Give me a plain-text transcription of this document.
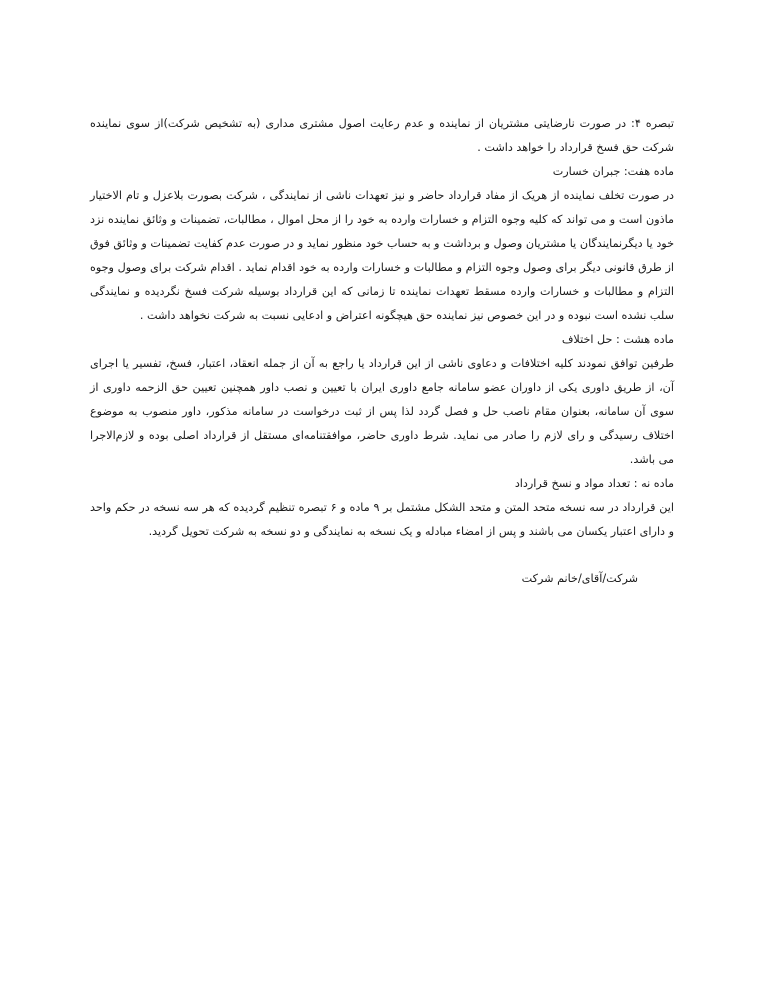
تبصره ۴: در صورت نارضایتی مشتریان از نماینده و عدم رعایت اصول مشتری مداری (به تشخیص شرکت)از سوی نماینده شرکت حق فسخ قرارداد را خواهد داشت .

ماده هفت: جبران خسارت

در صورت تخلف نماینده از هریک از مفاد قرارداد حاضر و نیز تعهدات ناشی از نمایندگی ، شرکت بصورت بلاعزل و تام الاختیار ماذون است و می تواند که کلیه وجوه التزام و خسارات وارده به خود را از محل اموال ، مطالبات، تضمینات و وثائق نماینده نزد خود یا دیگرنمایندگان یا مشتریان وصول و برداشت و به حساب خود منظور نماید و در صورت عدم کفایت تضمینات و وثائق فوق از طرق قانونی دیگر برای وصول وجوه التزام و مطالبات و خسارات وارده به خود اقدام نماید . اقدام شرکت برای وصول وجوه التزام و مطالبات و خسارات وارده مسقط تعهدات نماینده تا زمانی که این قرارداد بوسیله شرکت فسخ نگردیده و نمایندگی سلب نشده است نبوده و در این خصوص نیز نماینده حق هیچگونه اعتراض و ادعایی نسبت به شرکت نخواهد داشت .

ماده هشت : حل اختلاف

طرفین توافق نمودند کلیه اختلافات و دعاوی ناشی از این قرارداد یا راجع به آن از جمله انعقاد، اعتبار، فسخ، تفسیر یا اجرای آن، از طریق داوری یکی از داوران عضو سامانه جامع داوری ایران با تعیین و نصب داور همچنین تعیین حق الزحمه داوری از سوی آن سامانه، بعنوان مقام ناصب حل و فصل گردد لذا پس از ثبت درخواست در سامانه مذکور، داور منصوب به موضوع اختلاف رسیدگی و رای لازم را صادر می نماید. شرط داوری حاضر، موافقتنامه‌ای مستقل از قرارداد اصلی بوده و لازم‌الاجرا می باشد.

ماده نه : تعداد مواد و نسخ قرارداد

این قرارداد در سه نسخه متحد المتن و متحد الشکل مشتمل بر ۹ ماده و ۶ تبصره تنظیم گردیده که هر سه نسخه در حکم واحد و دارای اعتبار یکسان می باشند و پس از امضاء مبادله و یک نسخه به نمایندگی و دو نسخه به شرکت تحویل گردید.

شرکت/آقای/خانم شرکت
